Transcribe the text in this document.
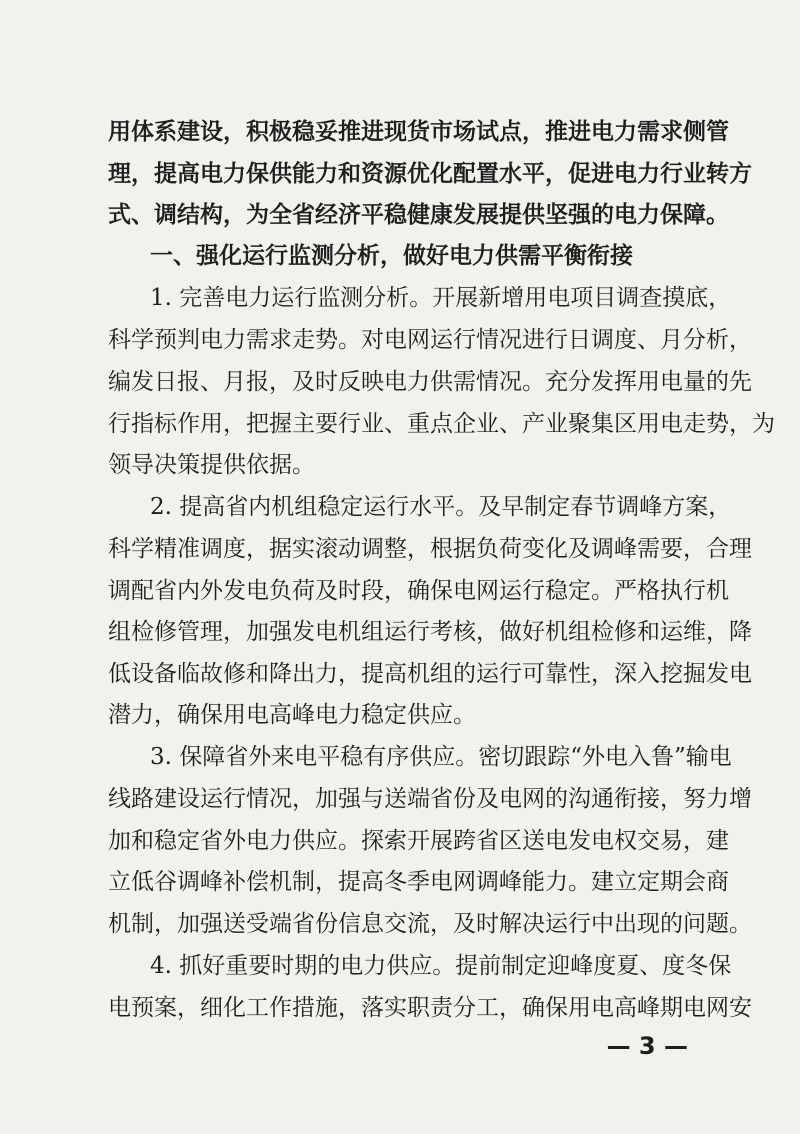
用体系建设，积极稳妥推进现货市场试点，推进电力需求侧管
理，提高电力保供能力和资源优化配置水平，促进电力行业转方
式、调结构，为全省经济平稳健康发展提供坚强的电力保障。
一、强化运行监测分析，做好电力供需平衡衔接
1. 完善电力运行监测分析。开展新增用电项目调查摸底，
科学预判电力需求走势。对电网运行情况进行日调度、月分析，
编发日报、月报，及时反映电力供需情况。充分发挥用电量的先
行指标作用，把握主要行业、重点企业、产业聚集区用电走势，为
领导决策提供依据。
2. 提高省内机组稳定运行水平。及早制定春节调峰方案，
科学精准调度，据实滚动调整，根据负荷变化及调峰需要，合理
调配省内外发电负荷及时段，确保电网运行稳定。严格执行机
组检修管理，加强发电机组运行考核，做好机组检修和运维，降
低设备临故修和降出力，提高机组的运行可靠性，深入挖掘发电
潜力，确保用电高峰电力稳定供应。
3. 保障省外来电平稳有序供应。密切跟踪“外电入鲁”输电
线路建设运行情况，加强与送端省份及电网的沟通衔接，努力增
加和稳定省外电力供应。探索开展跨省区送电发电权交易，建
立低谷调峰补偿机制，提高冬季电网调峰能力。建立定期会商
机制，加强送受端省份信息交流，及时解决运行中出现的问题。
4. 抓好重要时期的电力供应。提前制定迎峰度夏、度冬保
电预案，细化工作措施，落实职责分工，确保用电高峰期电网安
— 3 —
